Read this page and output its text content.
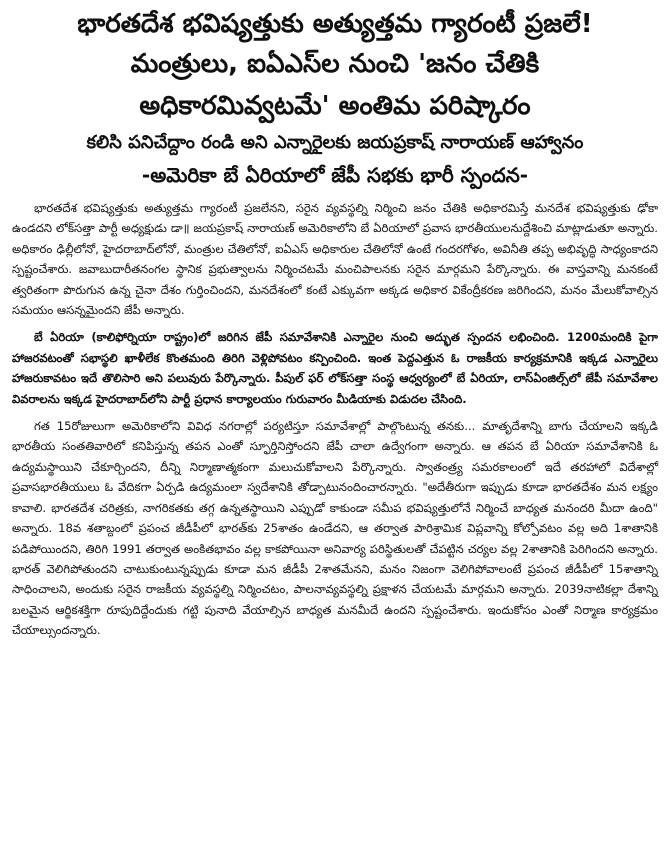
భారతదేశ భవిష్యత్తుకు అత్యుత్తమ గ్యారంటీ ప్రజలే!
మంత్రులు, ఐఏఎస్‌ల నుంచి 'జనం చేతికి
అధికారమివ్వటమే' అంతిమ పరిష్కారం
కలిసి పనిచేద్దాం రండి అని ఎన్నారైలకు జయప్రకాష్ నారాయణ్ ఆహ్వానం
-అమెరికా బే ఏరియాలో జేపీ సభకు భారీ స్పందన-

భారతదేశ భవిష్యత్తుకు అత్యుత్తమ గ్యారంటీ ప్రజలేనని, సరైన వ్యవస్థల్ని నిర్మించి జనం చేతికి అధికారమిస్తే మనదేశ భవిష్యత్తుకు ఢోకా ఉండదని లోక్‌సత్తా పార్టీ అధ్యక్షుడు డా॥ జయప్రకాష్ నారాయణ్ అమెరికాలోని బే ఏరియాలో ప్రవాస భారతీయులనుద్దేశించి మాట్లాడుతూ అన్నారు. అధికారం ఢిల్లీలోనో, హైదరాబాద్‌లోనో, మంత్రుల చేతిలోనో, ఐఏఎస్ అధికారుల చేతిలోనో ఉంటే గందరగోళం, అవినీతి తప్ప అభివృద్ధి సాధ్యంకాదని స్పష్టంచేశారు. జవాబుదారీతనంగల స్థానిక ప్రభుత్వాలను నిర్మించటమే మంచిపాలనకు సరైన మార్గమని పేర్కొన్నారు. ఈ వాస్తవాన్ని మనకంటే త్వరితంగా పొరుగున ఉన్న చైనా దేశం గుర్తించిందని, మనదేశంలో కంటే ఎక్కువగా అక్కడ అధికార వికేంద్రీకరణ జరిగిందని, మనం మేలుకోవాల్సిన సమయం ఆసన్నమైందని జేపీ అన్నారు.

బే ఏరియా (కాలిఫోర్నియా రాష్ట్రం)లో జరిగిన జేపీ సమావేశానికి ఎన్నారైల నుంచి అద్భుత స్పందన లభించింది. 1200మందికి పైగా హాజరవటంతో సభాస్థలి ఖాళీలేక కొంతమంది తిరిగి వెళ్లిపోవటం కన్పించింది. ఇంత పెద్దఎత్తున ఓ రాజకీయ కార్యక్రమానికి ఇక్కడ ఎన్నారైలు హాజరుకావటం ఇదే తొలిసారి అని పలువురు పేర్కొన్నారు. పీపుల్ ఫర్ లోక్‌సత్తా సంస్థ ఆధ్వర్యంలో బే ఏరియా, లాస్‌ఏంజిల్స్‌లో జేపీ సమావేశాల వివరాలను ఇక్కడ హైదరాబాద్‌లోని పార్టీ ప్రధాన కార్యాలయం గురువారం మీడియాకు విడుదల చేసింది.

గత 15రోజులుగా అమెరికాలోని వివిధ నగరాల్లో పర్యటిస్తూ సమావేశాల్లో పాల్గొంటున్న తనకు... మాతృదేశాన్ని బాగు చేయాలని ఇక్కడి భారతీయ సంతతివారిలో కనిపిస్తున్న తపన ఎంతో స్ఫూర్తినిస్తోందని జేపీ చాలా ఉద్వేగంగా అన్నారు. ఆ తపన బే ఏరియా సమావేశానికి ఓ ఉద్యమస్థాయిని చేకూర్చిందని, దీన్ని నిర్మాణాత్మకంగా మలుచుకోవాలని పేర్కొన్నారు. స్వాతంత్ర్య సమరకాలంలో ఇదే తరహాలో విదేశాల్లో ప్రవాసభారతీయులు ఓ వేదికగా ఏర్పడి ఉద్యమంలా స్వదేశానికి తోడ్పాటునందించారన్నారు. "అదేతీరుగా ఇప్పుడు కూడా భారతదేశం మన లక్ష్యం కావాలి. భారతదేశ చరిత్రకు, నాగరికతకు తగ్గ ఉన్నతస్థాయిని ఎప్పుడో కాకుండా సమీప భవిష్యత్తులోనే నిర్మించే బాధ్యత మనందరి మీదా ఉంది" అన్నారు. 18వ శతాబ్దంలో ప్రపంచ జీడీపీలో భారత్‌కు 25శాతం ఉండేదని, ఆ తర్వాత పారిశ్రామిక విప్లవాన్ని కోల్పోవటం వల్ల అది 1శాతానికి పడిపోయిందని, తిరిగి 1991 తర్వాత అంకితభావం వల్ల కాకపోయినా అనివార్య పరిస్థితులతో చేపట్టిన చర్యల వల్ల 2శాతానికి పెరిగిందని అన్నారు. భారత్ వెలిగిపోతుందని చాటుకుంటున్నప్పుడు కూడా మన జీడీపీ 2శాతమేనని, మనం నిజంగా వెలిగిపోవాలంటే ప్రపంచ జీడీపీలో 15శాతాన్ని సాధించాలని, అందుకు సరైన రాజకీయ వ్యవస్థల్ని నిర్మించటం, పాలనావ్యవస్థల్ని ప్రక్షాళన చేయటమే మార్గమని అన్నారు. 2039నాటికల్లా దేశాన్ని బలమైన ఆర్థికశక్తిగా రూపుదిద్దేందుకు గట్టి పునాది వేయాల్సిన బాధ్యత మనమీదే ఉందని స్పష్టంచేశారు. ఇందుకోసం ఎంతో నిర్మాణ కార్యక్రమం చేయాల్సుందన్నారు.
